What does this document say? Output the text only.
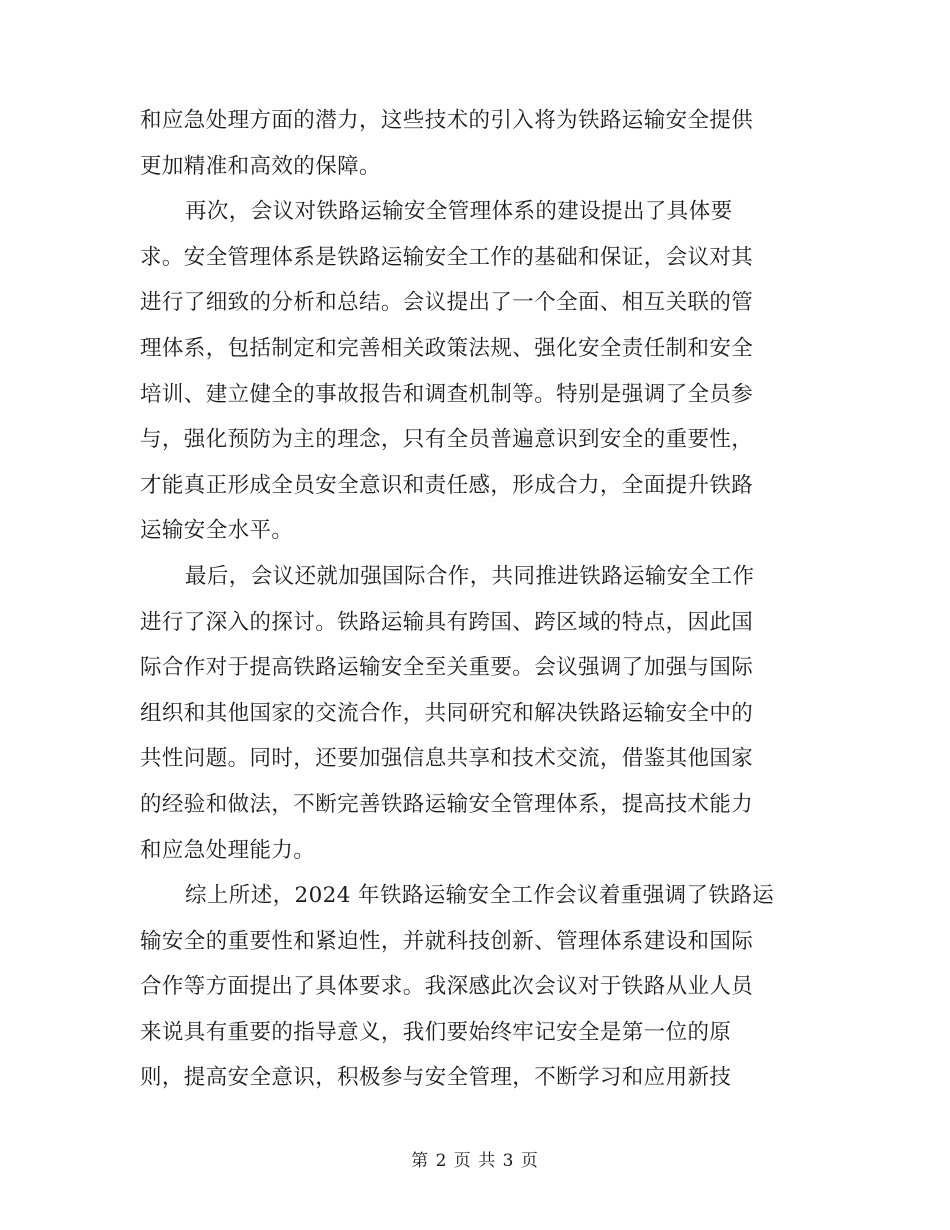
和应急处理方面的潜力，这些技术的引入将为铁路运输安全提供
更加精准和高效的保障。
再次，会议对铁路运输安全管理体系的建设提出了具体要
求。安全管理体系是铁路运输安全工作的基础和保证，会议对其
进行了细致的分析和总结。会议提出了一个全面、相互关联的管
理体系，包括制定和完善相关政策法规、强化安全责任制和安全
培训、建立健全的事故报告和调查机制等。特别是强调了全员参
与，强化预防为主的理念，只有全员普遍意识到安全的重要性，
才能真正形成全员安全意识和责任感，形成合力，全面提升铁路
运输安全水平。
最后，会议还就加强国际合作，共同推进铁路运输安全工作
进行了深入的探讨。铁路运输具有跨国、跨区域的特点，因此国
际合作对于提高铁路运输安全至关重要。会议强调了加强与国际
组织和其他国家的交流合作，共同研究和解决铁路运输安全中的
共性问题。同时，还要加强信息共享和技术交流，借鉴其他国家
的经验和做法，不断完善铁路运输安全管理体系，提高技术能力
和应急处理能力。
综上所述，2024 年铁路运输安全工作会议着重强调了铁路运
输安全的重要性和紧迫性，并就科技创新、管理体系建设和国际
合作等方面提出了具体要求。我深感此次会议对于铁路从业人员
来说具有重要的指导意义，我们要始终牢记安全是第一位的原
则，提高安全意识，积极参与安全管理，不断学习和应用新技
第 2 页 共 3 页
